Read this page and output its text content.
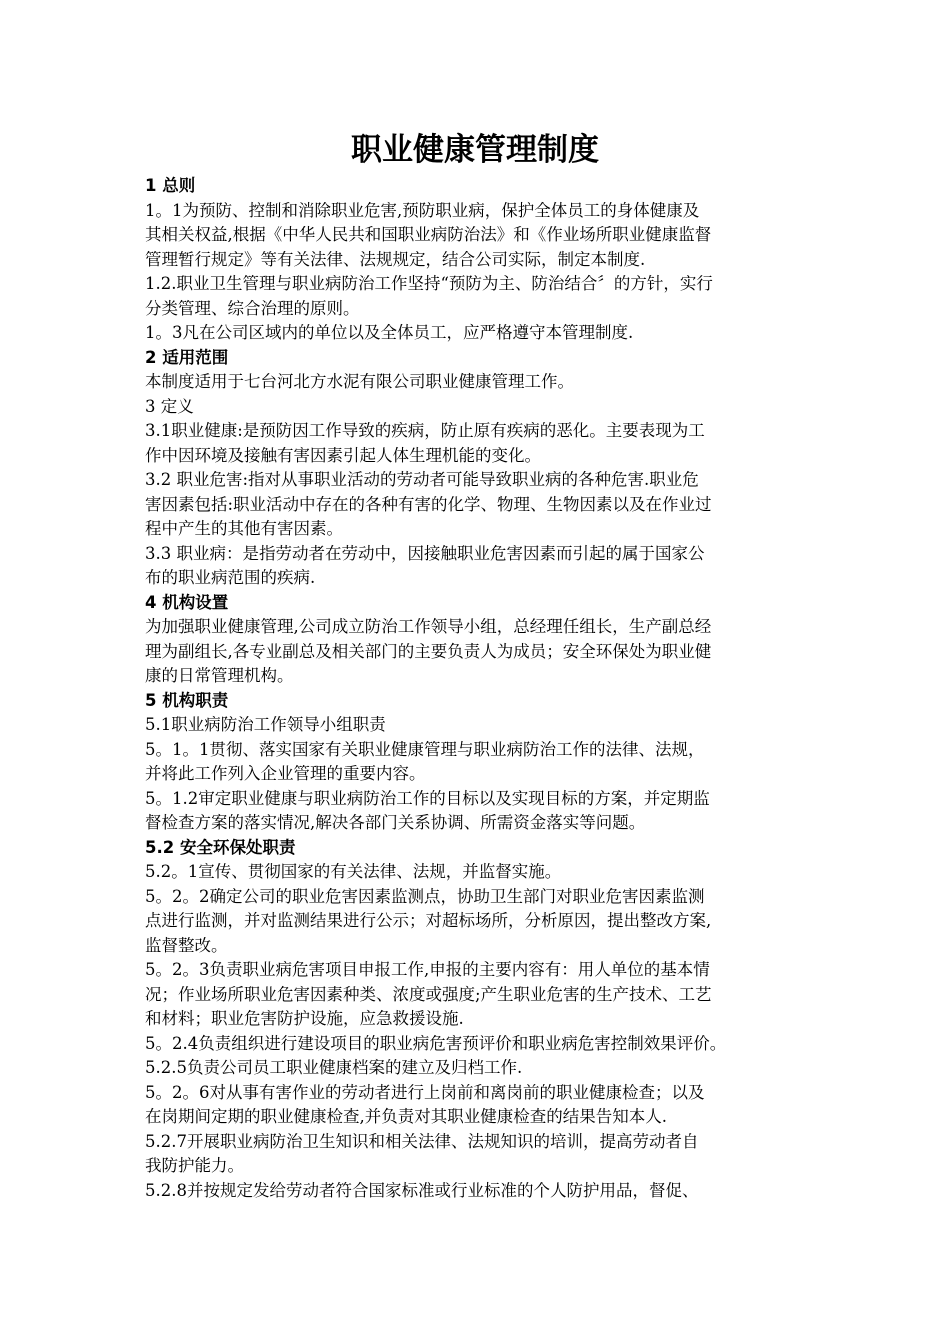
职业健康管理制度
1 总则
1。1为预防、控制和消除职业危害,预防职业病，保护全体员工的身体健康及
其相关权益,根据《中华人民共和国职业病防治法》和《作业场所职业健康监督
管理暂行规定》等有关法律、法规规定，结合公司实际，制定本制度.
1.2.职业卫生管理与职业病防治工作坚持“预防为主、防治结合〞的方针，实行
分类管理、综合治理的原则。
1。3凡在公司区域内的单位以及全体员工，应严格遵守本管理制度.
2 适用范围
本制度适用于七台河北方水泥有限公司职业健康管理工作。
3 定义
3.1职业健康:是预防因工作导致的疾病，防止原有疾病的恶化。主要表现为工
作中因环境及接触有害因素引起人体生理机能的变化。
3.2 职业危害:指对从事职业活动的劳动者可能导致职业病的各种危害.职业危
害因素包括:职业活动中存在的各种有害的化学、物理、生物因素以及在作业过
程中产生的其他有害因素。
3.3 职业病：是指劳动者在劳动中，因接触职业危害因素而引起的属于国家公
布的职业病范围的疾病.
4 机构设置
为加强职业健康管理,公司成立防治工作领导小组，总经理任组长，生产副总经
理为副组长,各专业副总及相关部门的主要负责人为成员；安全环保处为职业健
康的日常管理机构。
5 机构职责
5.1职业病防治工作领导小组职责
5。1。1贯彻、落实国家有关职业健康管理与职业病防治工作的法律、法规，
并将此工作列入企业管理的重要内容。
5。1.2审定职业健康与职业病防治工作的目标以及实现目标的方案，并定期监
督检查方案的落实情况,解决各部门关系协调、所需资金落实等问题。
5.2 安全环保处职责
5.2。1宣传、贯彻国家的有关法律、法规，并监督实施。
5。2。2确定公司的职业危害因素监测点，协助卫生部门对职业危害因素监测
点进行监测，并对监测结果进行公示；对超标场所，分析原因，提出整改方案,
监督整改。
5。2。3负责职业病危害项目申报工作,申报的主要内容有：用人单位的基本情
况；作业场所职业危害因素种类、浓度或强度;产生职业危害的生产技术、工艺
和材料；职业危害防护设施，应急救援设施.
5。2.4负责组织进行建设项目的职业病危害预评价和职业病危害控制效果评价。
5.2.5负责公司员工职业健康档案的建立及归档工作.
5。2。6对从事有害作业的劳动者进行上岗前和离岗前的职业健康检查；以及
在岗期间定期的职业健康检查,并负责对其职业健康检查的结果告知本人.
5.2.7开展职业病防治卫生知识和相关法律、法规知识的培训，提高劳动者自
我防护能力。
5.2.8并按规定发给劳动者符合国家标准或行业标准的个人防护用品，督促、
